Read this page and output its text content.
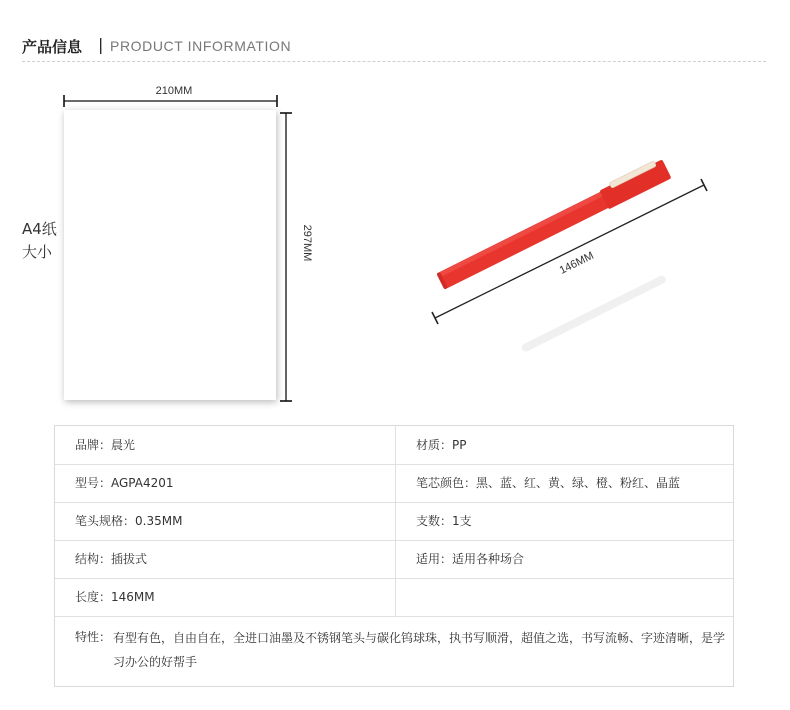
产品信息 | PRODUCT INFORMATION
A4纸
大小
210MM
297MM
146MM
品牌：晨光	材质：PP
型号：AGPA4201	笔芯颜色：黑、蓝、红、黄、绿、橙、粉红、晶蓝
笔头规格：0.35MM	支数：1支
结构：插拔式	适用：适用各种场合
长度：146MM
特性： 有型有色，自由自在，全进口油墨及不锈钢笔头与碳化钨球珠，执书写顺滑，超值之选，书写流畅、字迹清晰，是学习办公的好帮手
